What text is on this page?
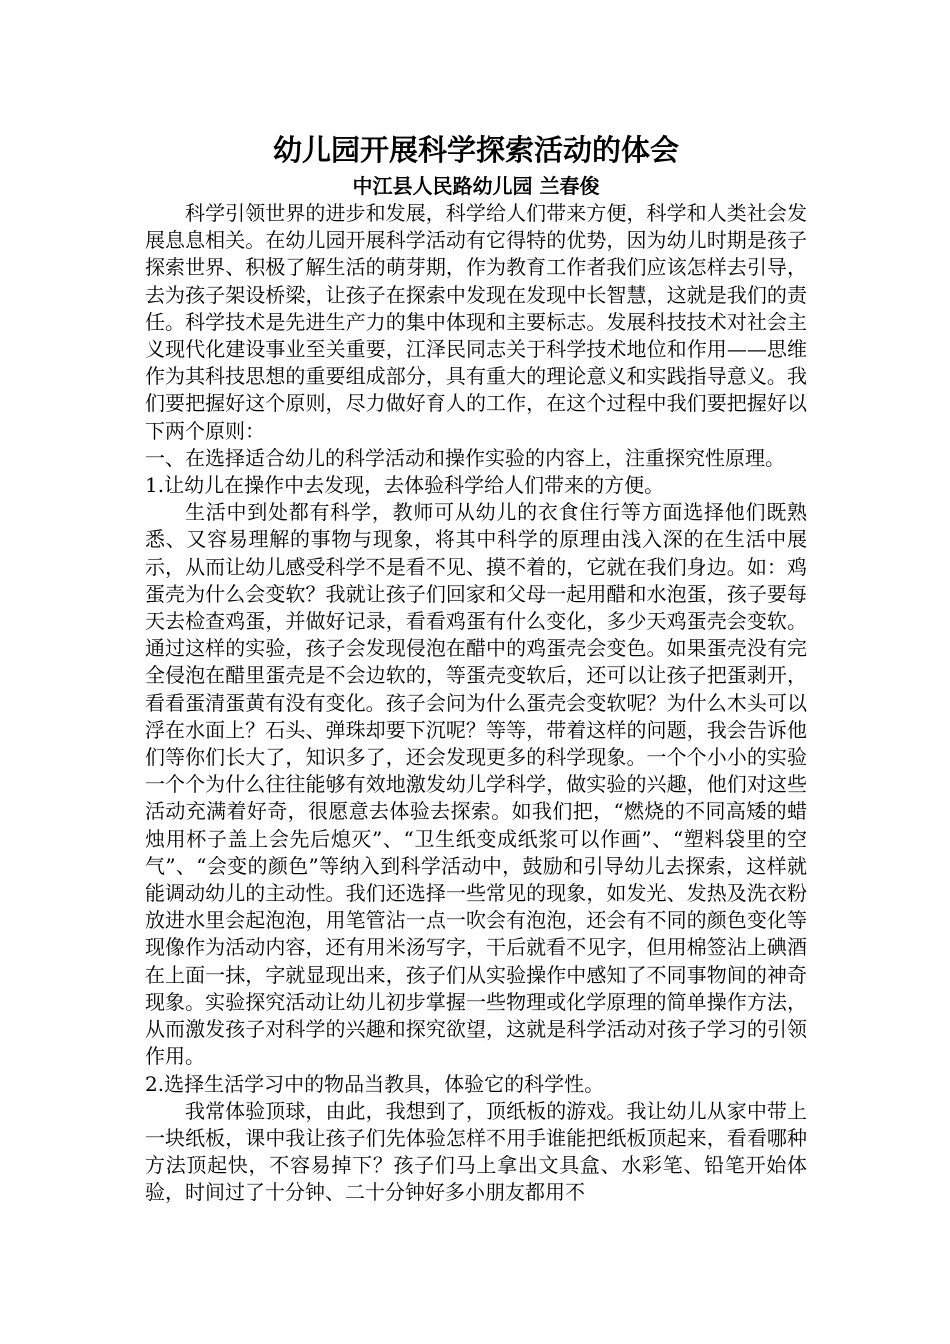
幼儿园开展科学探索活动的体会
中江县人民路幼儿园 兰春俊

科学引领世界的进步和发展，科学给人们带来方便，科学和人类社会发展息息相关。在幼儿园开展科学活动有它得特的优势，因为幼儿时期是孩子探索世界、积极了解生活的萌芽期，作为教育工作者我们应该怎样去引导，去为孩子架设桥梁，让孩子在探索中发现在发现中长智慧，这就是我们的责任。科学技术是先进生产力的集中体现和主要标志。发展科技技术对社会主义现代化建设事业至关重要，江泽民同志关于科学技术地位和作用——思维作为其科技思想的重要组成部分，具有重大的理论意义和实践指导意义。我们要把握好这个原则，尽力做好育人的工作，在这个过程中我们要把握好以下两个原则：

一、在选择适合幼儿的科学活动和操作实验的内容上，注重探究性原理。

1.让幼儿在操作中去发现，去体验科学给人们带来的方便。

生活中到处都有科学，教师可从幼儿的衣食住行等方面选择他们既熟悉、又容易理解的事物与现象，将其中科学的原理由浅入深的在生活中展示，从而让幼儿感受科学不是看不见、摸不着的，它就在我们身边。如：鸡蛋壳为什么会变软？我就让孩子们回家和父母一起用醋和水泡蛋，孩子要每天去检查鸡蛋，并做好记录，看看鸡蛋有什么变化，多少天鸡蛋壳会变软。通过这样的实验，孩子会发现侵泡在醋中的鸡蛋壳会变色。如果蛋壳没有完全侵泡在醋里蛋壳是不会边软的，等蛋壳变软后，还可以让孩子把蛋剥开，看看蛋清蛋黄有没有变化。孩子会问为什么蛋壳会变软呢？为什么木头可以浮在水面上？石头、弹珠却要下沉呢？等等，带着这样的问题，我会告诉他们等你们长大了，知识多了，还会发现更多的科学现象。一个个小小的实验一个个为什么往往能够有效地激发幼儿学科学，做实验的兴趣，他们对这些活动充满着好奇，很愿意去体验去探索。如我们把，“燃烧的不同高矮的蜡烛用杯子盖上会先后熄灭”、“卫生纸变成纸浆可以作画”、“塑料袋里的空气”、“会变的颜色”等纳入到科学活动中，鼓励和引导幼儿去探索，这样就能调动幼儿的主动性。我们还选择一些常见的现象，如发光、发热及洗衣粉放进水里会起泡泡，用笔管沾一点一吹会有泡泡，还会有不同的颜色变化等现像作为活动内容，还有用米汤写字，干后就看不见字，但用棉签沾上碘酒在上面一抹，字就显现出来，孩子们从实验操作中感知了不同事物间的神奇现象。实验探究活动让幼儿初步掌握一些物理或化学原理的简单操作方法，从而激发孩子对科学的兴趣和探究欲望，这就是科学活动对孩子学习的引领作用。

2.选择生活学习中的物品当教具，体验它的科学性。

我常体验顶球，由此，我想到了，顶纸板的游戏。我让幼儿从家中带上一块纸板，课中我让孩子们先体验怎样不用手谁能把纸板顶起来，看看哪种方法顶起快，不容易掉下？孩子们马上拿出文具盒、水彩笔、铅笔开始体验，时间过了十分钟、二十分钟好多小朋友都用不
